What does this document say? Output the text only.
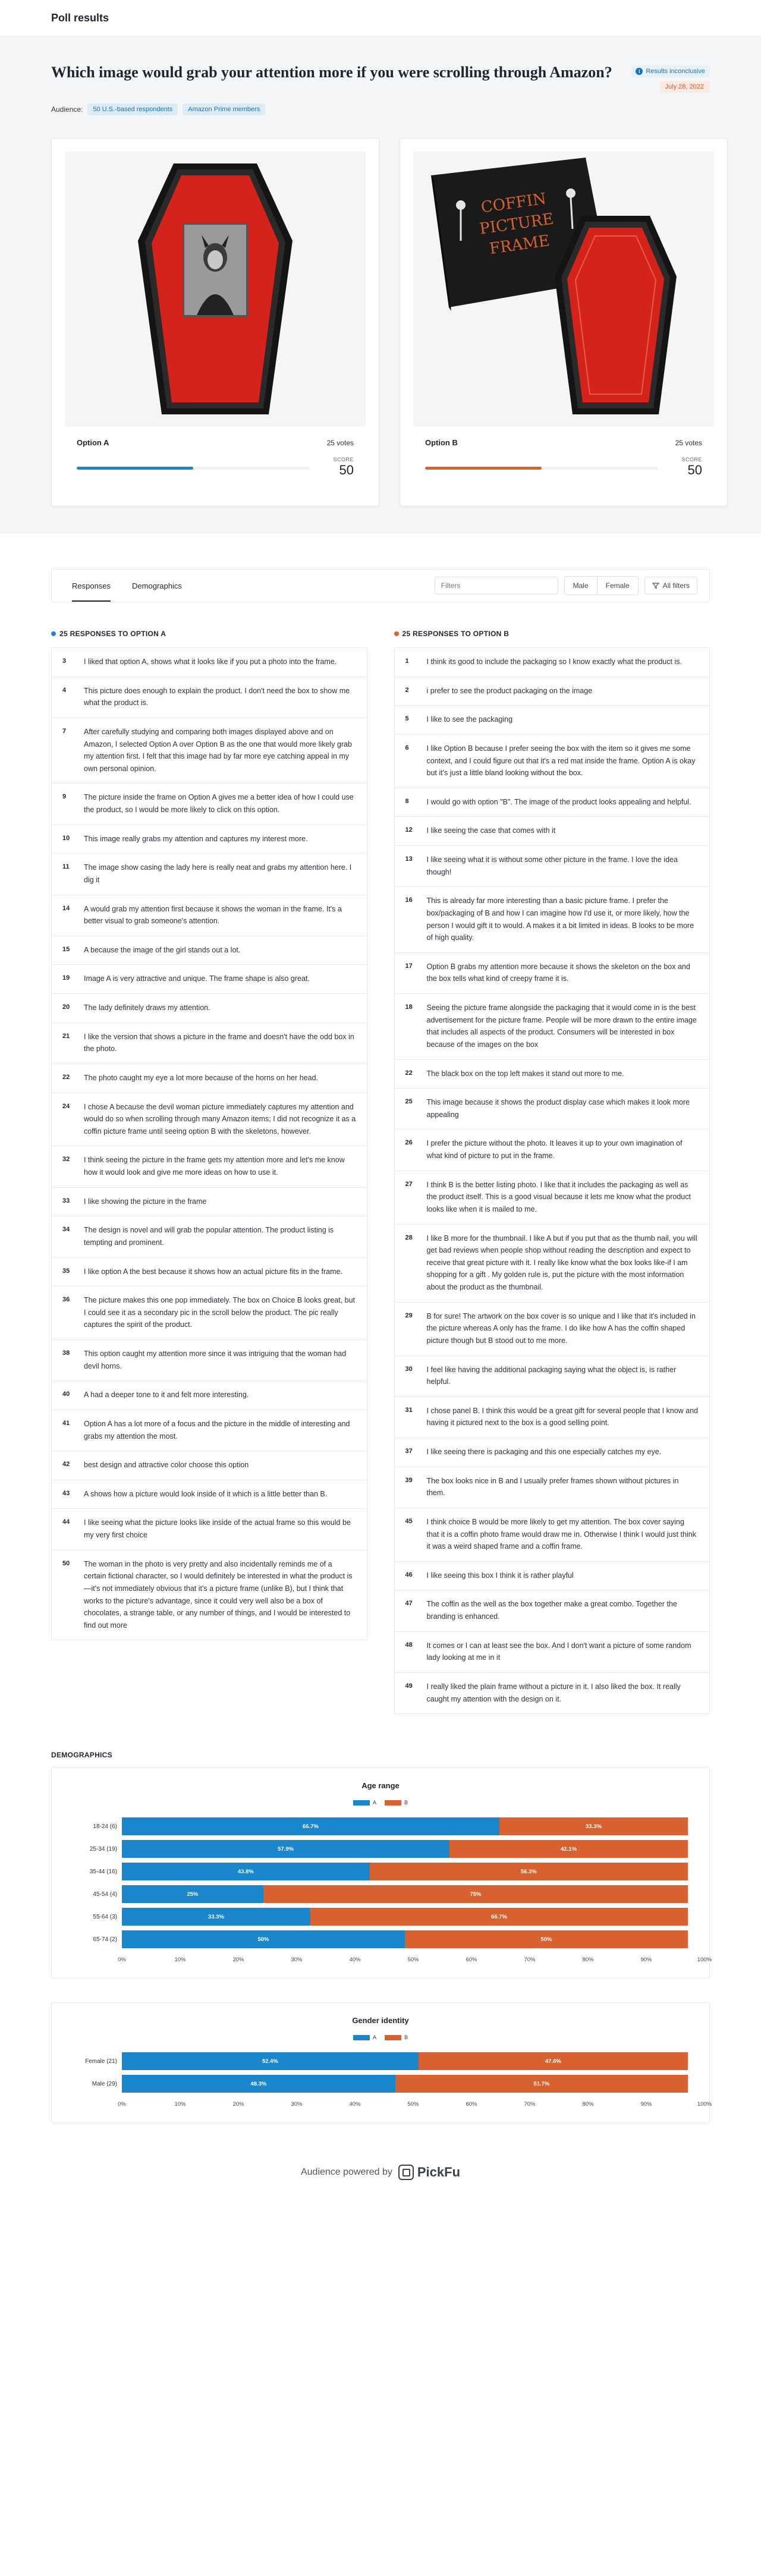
Poll results
Which image would grab your attention more if you were scrolling through Amazon?	i Results inconclusive
July 28, 2022
Audience:	50 U.S.-based respondents	Amazon Prime members
Option A	25 votes
SCORE
50
COFFIN
PICTURE
FRAME
Option B	25 votes
SCORE
50
Responses	Demographics
Filters	Male	Female	All filters
25 RESPONSES TO OPTION A
3	I liked that option A, shows what it looks like if you put a photo into the frame.
4	This picture does enough to explain the product. I don't need the box to show me what the product is.
7	After carefully studying and comparing both images displayed above and on Amazon, I selected Option A over Option B as the one that would more likely grab my attention first. I felt that this image had by far more eye catching appeal in my own personal opinion.
9	The picture inside the frame on Option A gives me a better idea of how I could use the product, so I would be more likely to click on this option.
10 This image really grabs my attention and captures my interest more.
11 The image show casing the lady here is really neat and grabs my attention here. I dig it
14 A would grab my attention first because it shows the woman in the frame. It's a better visual to grab someone's attention.
15 A because the image of the girl stands out a lot.
19 Image A is very attractive and unique. The frame shape is also great.
20 The lady definitely draws my attention.
21 I like the version that shows a picture in the frame and doesn't have the odd box in the photo.
22 The photo caught my eye a lot more because of the horns on her head.
24 I chose A because the devil woman picture immediately captures my attention and would do so when scrolling through many Amazon items; I did not recognize it as a coffin picture frame until seeing option B with the skeletons, however.
32 I think seeing the picture in the frame gets my attention more and let's me know how it would look and give me more ideas on how to use it.
33 I like showing the picture in the frame
34 The design is novel and will grab the popular attention. The product listing is tempting and prominent.
35 I like option A the best because it shows how an actual picture fits in the frame.
36 The picture makes this one pop immediately. The box on Choice B looks great, but I could see it as a secondary pic in the scroll below the product. The pic really captures the spirit of the product.
38 This option caught my attention more since it was intriguing that the woman had devil horns.
40 A had a deeper tone to it and felt more interesting.
41 Option A has a lot more of a focus and the picture in the middle of interesting and grabs my attention the most.
42 best design and attractive color choose this option
43 A shows how a picture would look inside of it which is a little better than B.
44 I like seeing what the picture looks like inside of the actual frame so this would be my very first choice
50 The woman in the photo is very pretty and also incidentally reminds me of a certain fictional character, so I would definitely be interested in what the product is—it's not immediately obvious that it's a picture frame (unlike B), but I think that works to the picture's advantage, since it could very well also be a box of chocolates, a strange table, or any number of things, and I would be interested to find out more
25 RESPONSES TO OPTION B
1	I think its good to include the packaging so I know exactly what the product is.
2	i prefer to see the product packaging on the image
5	I like to see the packaging
6	I like Option B because I prefer seeing the box with the item so it gives me some context, and I could figure out that it's a red mat inside the frame. Option A is okay but it's just a little bland looking without the box.
8	I would go with option "B". The image of the product looks appealing and helpful.
12 I like seeing the case that comes with it
13 I like seeing what it is without some other picture in the frame. I love the idea though!
16 This is already far more interesting than a basic picture frame. I prefer the box/packaging of B and how I can imagine how I'd use it, or more likely, how the person I would gift it to would. A makes it a bit limited in ideas. B looks to be more of high quality.
17 Option B grabs my attention more because it shows the skeleton on the box and the box tells what kind of creepy frame it is.
18 Seeing the picture frame alongside the packaging that it would come in is the best advertisement for the picture frame. People will be more drawn to the entire image that includes all aspects of the product. Consumers will be interested in box because of the images on the box
22 The black box on the top left makes it stand out more to me.
25 This image because it shows the product display case which makes it look more appealing
26 I prefer the picture without the photo. It leaves it up to your own imagination of what kind of picture to put in the frame.
27 I think B is the better listing photo. I like that it includes the packaging as well as the product itself. This is a good visual because it lets me know what the product looks like when it is mailed to me.
28 I like B more for the thumbnail. I like A but if you put that as the thumb nail, you will get bad reviews when people shop without reading the description and expect to receive that great picture with it. I really like know what the box looks like-if I am shopping for a gift . My golden rule is, put the picture with the most information about the product as the thumbnail.
29 B for sure! The artwork on the box cover is so unique and I like that it's included in the picture whereas A only has the frame. I do like how A has the coffin shaped picture though but B stood out to me more.
30 I feel like having the additional packaging saying what the object is, is rather helpful.
31 I chose panel B. I think this would be a great gift for several people that I know and having it pictured next to the box is a good selling point.
37 I like seeing there is packaging and this one especially catches my eye.
39 The box looks nice in B and I usually prefer frames shown without pictures in them.
45 I think choice B would be more likely to get my attention. The box cover saying that it is a coffin photo frame would draw me in. Otherwise I think I would just think it was a weird shaped frame and a coffin frame.
46 I like seeing this box I think it is rather playful
47 The coffin as the well as the box together make a great combo. Together the branding is enhanced.
48 It comes or I can at least see the box. And I don't want a picture of some random lady looking at me in it
49 I really liked the plain frame without a picture in it. I also liked the box. It really caught my attention with the design on it.
DEMOGRAPHICS
Age range
A	B
18-24 (6)	66.7%	33.3%
25-34 (19)	57.9%	42.1%
35-44 (16)	43.8%	56.3%
45-54 (4)	25%	75%
55-64 (3)	33.3%	66.7%
65-74 (2)	50%	50%
0%	10%	20%	30%	40%	50%	60%	70%	80%	90%	100%
Gender identity
A	B
Female (21)	52.4%	47.6%
Male (29)	48.3%	51.7%
0%	10%	20%	30%	40%	50%	60%	70%	80%	90%	100%
Audience powered by PickFu
